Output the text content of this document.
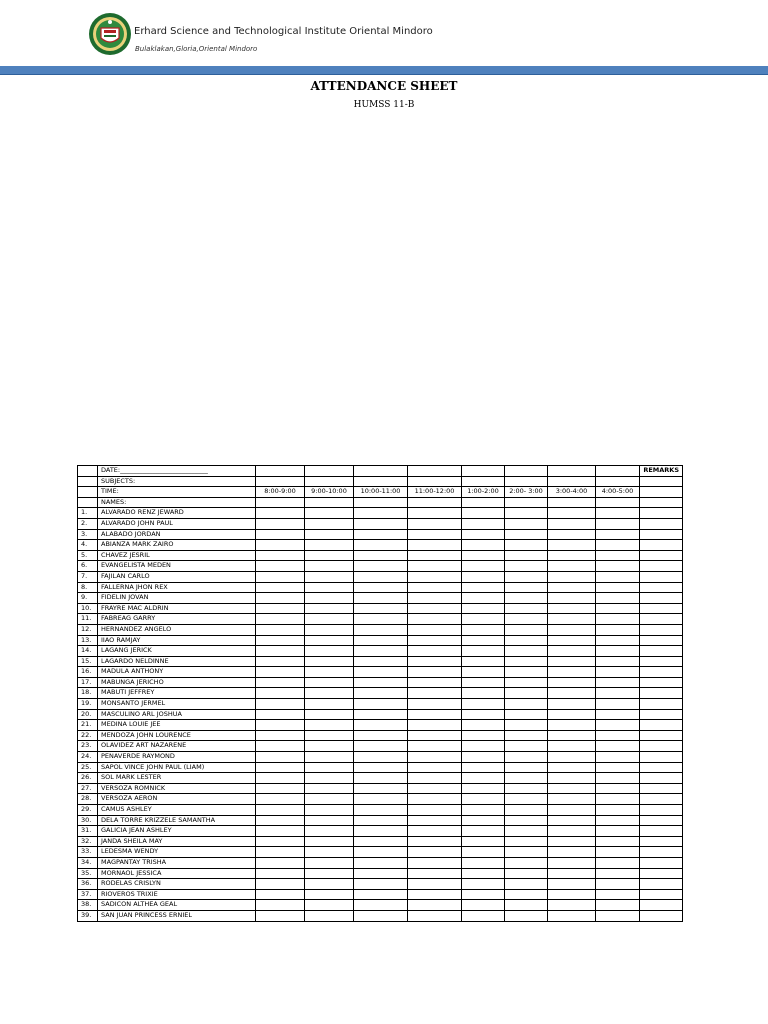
Erhard Science and Technological Institute Oriental Mindoro
Bulaklakan,Gloria,Oriental Mindoro
ATTENDANCE SHEET
HUMSS 11-B
	DATE:___________________________									REMARKS
	SUBJECTS:									
	TIME:	8:00-9:00	9:00-10:00	10:00-11:00	11:00-12:00	1:00-2:00	2:00- 3:00	3:00-4:00	4:00-5:00	
	NAMES:									
1.	ALVARADO RENZ JEWARD									
2.	ALVARADO JOHN PAUL									
3.	ALABADO JORDAN									
4.	ABIANZA MARK ZAIRO									
5.	CHAVEZ JESRIL									
6.	EVANGELISTA MEDEN									
7.	FAJILAN CARLO									
8.	FALLERNA JHON REX									
9.	FIDELIN JOVAN									
10.	FRAYRE MAC ALDRIN									
11.	FABREAG GARRY									
12.	HERNANDEZ ANGELO									
13.	IIAO RAMJAY									
14.	LAGANG JERICK									
15.	LAGARDO NELDINNE									
16.	MADULA ANTHONY									
17.	MABUNGA JERICHO									
18.	MABUTI JEFFREY									
19.	MONSANTO JERMEL									
20.	MASCULINO ARL JOSHUA									
21.	MEDINA LOUIE JEE									
22.	MENDOZA JOHN LOURENCE									
23.	OLAVIDEZ ART NAZARENE									
24.	PENAVERDE RAYMOND									
25.	SAPOL VINCE JOHN PAUL (LIAM)									
26.	SOL MARK LESTER									
27.	VERSOZA ROMNICK									
28.	VERSOZA AERON									
29.	CAMUS ASHLEY									
30.	DELA TORRE KRIZZELE SAMANTHA									
31.	GALICIA JEAN ASHLEY									
32.	JANDA SHEILA MAY									
33.	LEDESMA WENDY									
34.	MAGPANTAY TRISHA									
35.	MORNAOL JESSICA									
36.	RODELAS CRISLYN									
37.	RIOVEROS TRIXIE									
38.	SADICON ALTHEA GEAL									
39.	SAN JUAN PRINCESS ERNIEL									
